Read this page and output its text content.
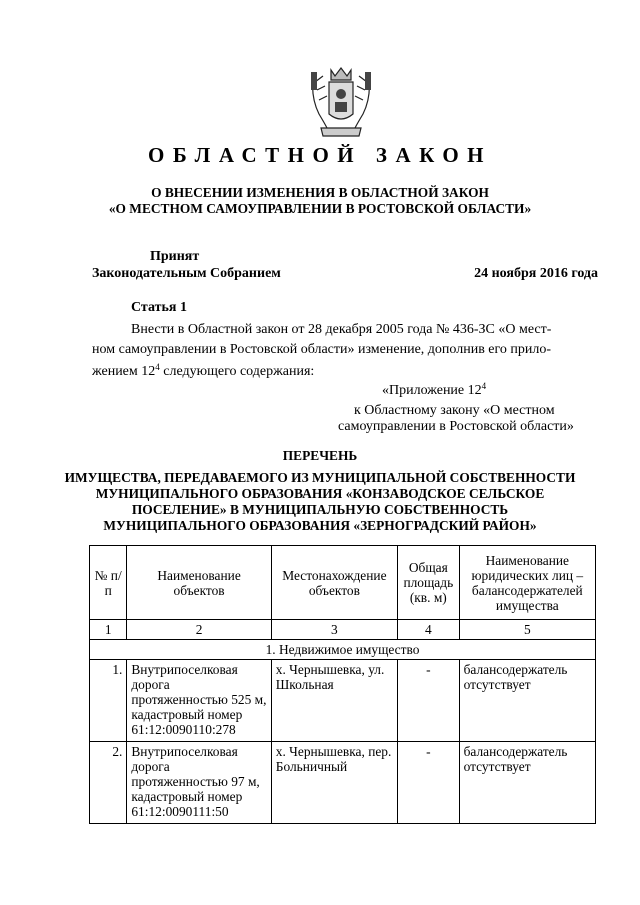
ОБЛАСТНОЙ ЗАКОН
О ВНЕСЕНИИ ИЗМЕНЕНИЯ В ОБЛАСТНОЙ ЗАКОН
«О МЕСТНОМ САМОУПРАВЛЕНИИ В РОСТОВСКОЙ ОБЛАСТИ»
Принят
Законодательным Собранием	24 ноября 2016 года
Статья 1
Внести в Областной закон от 28 декабря 2005 года № 436-ЗС «О мест-
ном самоуправлении в Ростовской области» изменение, дополнив его прило-
жением $12^4$ следующего содержания:
«Приложение $12^4$
к Областному закону «О местном
самоуправлении в Ростовской области»
ПЕРЕЧЕНЬ
ИМУЩЕСТВА, ПЕРЕДАВАЕМОГО ИЗ МУНИЦИПАЛЬНОЙ СОБСТВЕННОСТИ
МУНИЦИПАЛЬНОГО ОБРАЗОВАНИЯ «КОНЗАВОДСКОЕ СЕЛЬСКОЕ
ПОСЕЛЕНИЕ» В МУНИЦИПАЛЬНУЮ СОБСТВЕННОСТЬ
МУНИЦИПАЛЬНОГО ОБРАЗОВАНИЯ «ЗЕРНОГРАДСКИЙ РАЙОН»
№ п/п	Наименование объектов	Местонахождение объектов	Общая площадь (кв. м)	Наименование юридических лиц – балансодержателей имущества
1	2	3	4	5
1. Недвижимое имущество				
1.	Внутрипоселковая дорога протяженностью 525 м, кадастровый номер 61:12:0090110:278	х. Чернышевка, ул. Школьная	-	балансодержатель отсутствует
2.	Внутрипоселковая дорога протяженностью 97 м, кадастровый номер 61:12:0090111:50	х. Чернышевка, пер. Больничный	-	балансодержатель отсутствует
